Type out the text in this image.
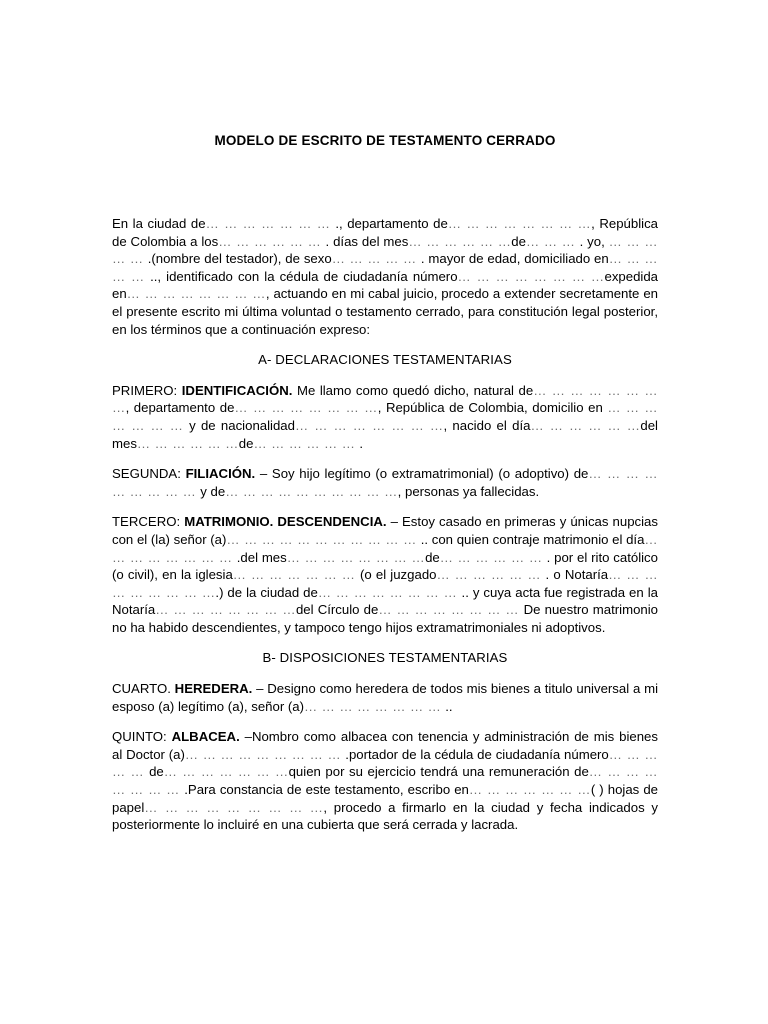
MODELO DE ESCRITO DE TESTAMENTO CERRADO

En la ciudad de… … … … … … … ., departamento de… … … … … … … …, República de Colombia a los… … … … … … . días del mes… … … … … …de… … … . yo, … … … … … .(nombre del testador), de sexo… … … … … . mayor de edad, domiciliado en… … … … … .., identificado con la cédula de ciudadanía número… … … … … … … …expedida en… … … … … … … …, actuando en mi cabal juicio, procedo a extender secretamente en el presente escrito mi última voluntad o testamento cerrado, para constitución legal posterior, en los términos que a continuación expreso:

A- DECLARACIONES TESTAMENTARIAS

PRIMERO: IDENTIFICACIÓN. Me llamo como quedó dicho, natural de… … … … … … … …, departamento de… … … … … … … …, República de Colombia, domicilio en … … … … … … … y de nacionalidad… … … … … … … …, nacido el día… … … … … …del mes… … … … … …de… … … … … … .

SEGUNDA: FILIACIÓN. – Soy hijo legítimo (o extramatrimonial) (o adoptivo) de… … … … … … … … … y de… … … … … … … … … …, personas ya fallecidas.

TERCERO: MATRIMONIO. DESCENDENCIA. – Estoy casado en primeras y únicas nupcias con el (la) señor (a)… … … … … … … … … … … .. con quien contraje matrimonio el día… … … … … … … … .del mes… … … … … … … …de… … … … … … . por el rito católico (o civil), en la iglesia… … … … … … … (o el juzgado… … … … … … . o Notaría… … … … … … … … ….) de la ciudad de… … … … … … … … .. y cuya acta fue registrada en la Notaría… … … … … … … …del Círculo de… … … … … … … … De nuestro matrimonio no ha habido descendientes, y tampoco tengo hijos extramatrimoniales ni adoptivos.

B- DISPOSICIONES TESTAMENTARIAS

CUARTO. HEREDERA. – Designo como heredera de todos mis bienes a titulo universal a mi esposo (a) legítimo (a), señor (a)… … … … … … … … ..

QUINTO: ALBACEA. –Nombro como albacea con tenencia y administración de mis bienes al Doctor (a)… … … … … … … … … .portador de la cédula de ciudadanía número… … … … … de… … … … … … …quien por su ejercicio tendrá una remuneración de… … … … … … … … .Para constancia de este testamento, escribo en… … … … … … …( ) hojas de papel… … … … … … … … …, procedo a firmarlo en la ciudad y fecha indicados y posteriormente lo incluiré en una cubierta que será cerrada y lacrada.
